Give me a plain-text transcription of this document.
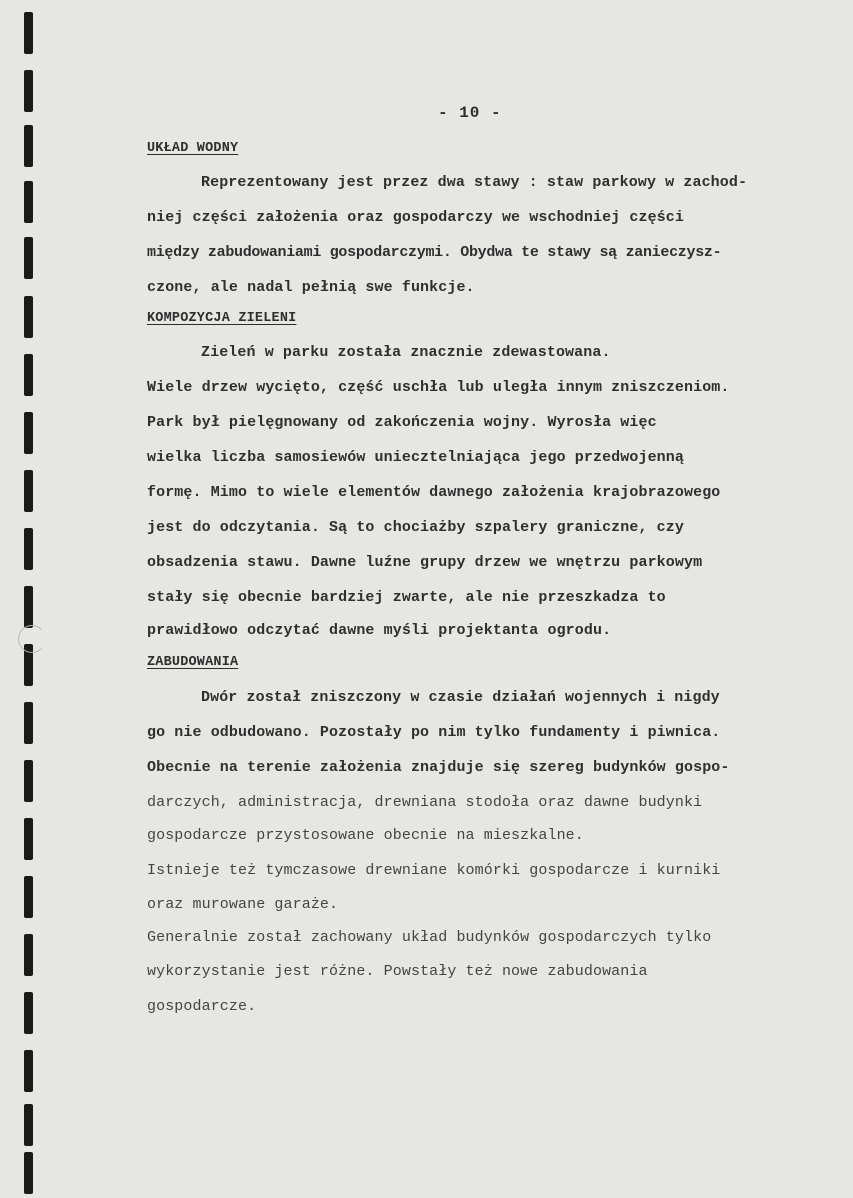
- 10 -
UKŁAD WODNY
Reprezentowany jest przez dwa stawy : staw parkowy w zachod-
niej części założenia oraz gospodarczy we wschodniej części
między zabudowaniami gospodarczymi. Obydwa te stawy są zanieczysz-
czone, ale nadal pełnią swe funkcje.
KOMPOZYCJA ZIELENI
Zieleń w parku została znacznie zdewastowana.
Wiele drzew wycięto, część uschła lub uległa innym zniszczeniom.
Park był pielęgnowany od zakończenia wojny. Wyrosła więc
wielka liczba samosiewów uniecztelniająca jego przedwojenną
formę. Mimo to wiele elementów dawnego założenia krajobrazowego
jest do odczytania. Są to chociażby szpalery graniczne, czy
obsadzenia stawu. Dawne luźne grupy drzew we wnętrzu parkowym
stały się obecnie bardziej zwarte, ale nie przeszkadza to
prawidłowo odczytać dawne myśli projektanta ogrodu.
ZABUDOWANIA
Dwór został zniszczony w czasie działań wojennych i nigdy
go nie odbudowano. Pozostały po nim tylko fundamenty i piwnica.
Obecnie na terenie założenia znajduje się szereg budynków gospo-
darczych, administracja, drewniana stodoła oraz dawne budynki
gospodarcze przystosowane obecnie na mieszkalne.
Istnieje też tymczasowe drewniane komórki gospodarcze i kurniki
oraz murowane garaże.
Generalnie został zachowany układ budynków gospodarczych tylko
wykorzystanie jest różne. Powstały też nowe zabudowania
gospodarcze.
